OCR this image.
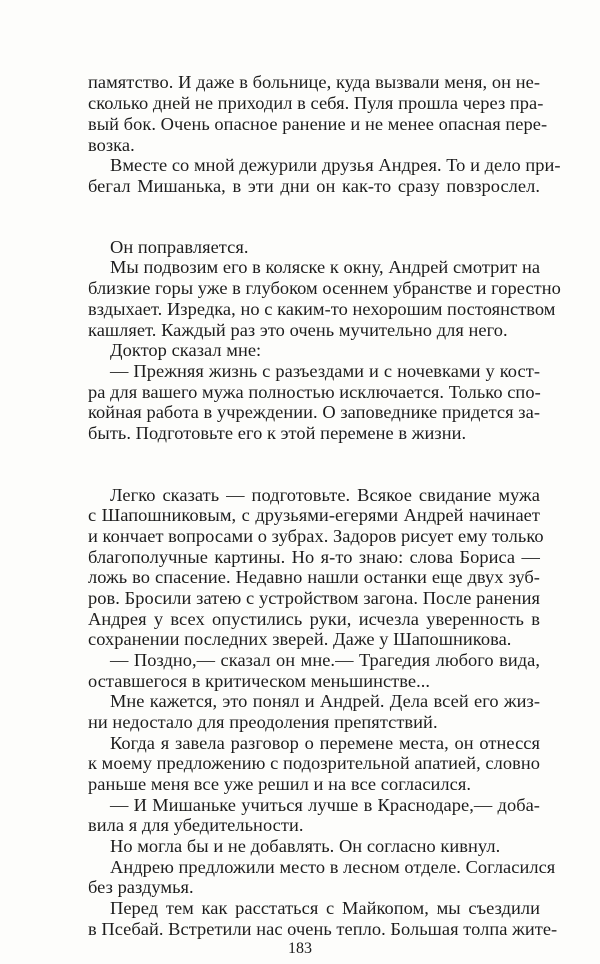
памятство. И даже в больнице, куда вызвали меня, он не-
сколько дней не приходил в себя. Пуля прошла через пра-
вый бок. Очень опасное ранение и не менее опасная пере-
возка.
Вместе со мной дежурили друзья Андрея. То и дело при-
бегал Мишанька, в эти дни он как-то сразу повзрослел.
Он поправляется.
Мы подвозим его в коляске к окну, Андрей смотрит на
близкие горы уже в глубоком осеннем убранстве и горестно
вздыхает. Изредка, но с каким-то нехорошим постоянством
кашляет. Каждый раз это очень мучительно для него.
Доктор сказал мне:
— Прежняя жизнь с разъездами и с ночевками у кост-
ра для вашего мужа полностью исключается. Только спо-
койная работа в учреждении. О заповеднике придется за-
быть. Подготовьте его к этой перемене в жизни.
Легко сказать — подготовьте. Всякое свидание мужа
с Шапошниковым, с друзьями-егерями Андрей начинает
и кончает вопросами о зубрах. Задоров рисует ему только
благополучные картины. Но я-то знаю: слова Бориса —
ложь во спасение. Недавно нашли останки еще двух зуб-
ров. Бросили затею с устройством загона. После ранения
Андрея у всех опустились руки, исчезла уверенность в
сохранении последних зверей. Даже у Шапошникова.
— Поздно,— сказал он мне.— Трагедия любого вида,
оставшегося в критическом меньшинстве...
Мне кажется, это понял и Андрей. Дела всей его жиз-
ни недостало для преодоления препятствий.
Когда я завела разговор о перемене места, он отнесся
к моему предложению с подозрительной апатией, словно
раньше меня все уже решил и на все согласился.
— И Мишаньке учиться лучше в Краснодаре,— доба-
вила я для убедительности.
Но могла бы и не добавлять. Он согласно кивнул.
Андрею предложили место в лесном отделе. Согласился
без раздумья.
Перед тем как расстаться с Майкопом, мы съездили
в Псебай. Встретили нас очень тепло. Большая толпа жите-
183
